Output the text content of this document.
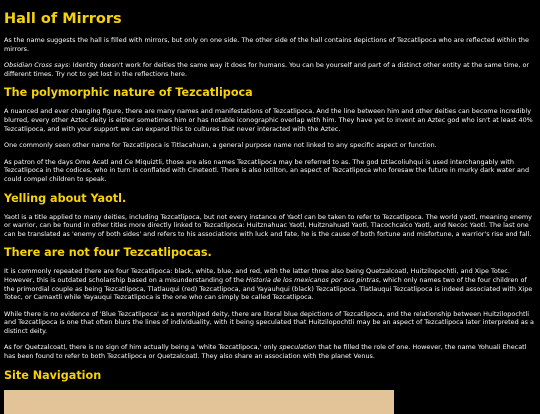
Hall of Mirrors

As the name suggests the hall is filled with mirrors, but only on one side. The other side of the hall contains depictions of Tezcatlipoca who are reflected within the mirrors.

Obsidian Cross says: Identity doesn't work for deities the same way it does for humans. You can be yourself and part of a distinct other entity at the same time, or different times. Try not to get lost in the reflections here.

The polymorphic nature of Tezcatlipoca

A nuanced and ever changing figure, there are many names and manifestations of Tezcatlipoca. And the line between him and other deities can become incredibly blurred, every other Aztec deity is either sometimes him or has notable iconographic overlap with him. They have yet to invent an Aztec god who isn't at least 40% Tezcatlipoca, and with your support we can expand this to cultures that never interacted with the Aztec.

One commonly seen other name for Tezcatlipoca is Titlacahuan, a general purpose name not linked to any specific aspect or function.

As patron of the days Ome Acatl and Ce Miquiztli, those are also names Tezcatlipoca may be referred to as. The god Iztlacoliuhqui is used interchangably with Tezcatlipoca in the codices, who in turn is conflated with Cineteotl. There is also Ixtilton, an aspect of Tezcatlipoca who foresaw the future in murky dark water and could compel children to speak.

Yelling about Yaotl.

Yaotl is a title applied to many deities, including Tezcatlipoca, but not every instance of Yaotl can be taken to refer to Tezcatlipoca. The world yaotl, meaning enemy or warrior, can be found in other titles more directly linked to Tezcatlipoca: Huitznahuac Yaotl, Huitznahuatl Yaotl, Tlacochcalco Yaotl, and Necoc Yaotl. The last one can be translated as 'enemy of both sides' and refers to his associations with luck and fate, he is the cause of both fortune and misfortune, a warrior's rise and fall.

There are not four Tezcatlipocas.

It is commonly repeated there are four Tezcatlipoca: black, white, blue, and red, with the latter three also being Quetzalcoatl, Huitzilopochtli, and Xipe Totec. However, this is outdated scholarship based on a misunderstanding of the Historia de los mexicanos por sus pintras, which only names two of the four children of the primordial couple as being Tezcatlipoca, Tlatlauqui (red) Tezcatlipoca, and Yayauhqui (black) Tezcatlipoca. Tlatlauqui Tezcatlipoca is indeed associated with Xipe Totec, or Camaxtli while Yayauqui Tezcatlipoca is the one who can simply be called Tezcatlipoca.

While there is no evidence of 'Blue Tezcatlipoca' as a worshiped deity, there are literal blue depictions of Tezcatlipoca, and the relationship between Huitzilopochtli and Tezcatlipoca is one that often blurs the lines of individuality, with it being speculated that Huitzilopochtli may be an aspect of Tezcatlipoca later interpreted as a distinct deity.

As for Quetzalcoatl, there is no sign of him actually being a 'white Tezcatlipoca,' only speculation that he filled the role of one. However, the name Yohuali Ehecatl has been found to refer to both Tezcatlipoca or Quetzalcoatl. They also share an association with the planet Venus.

Site Navigation
